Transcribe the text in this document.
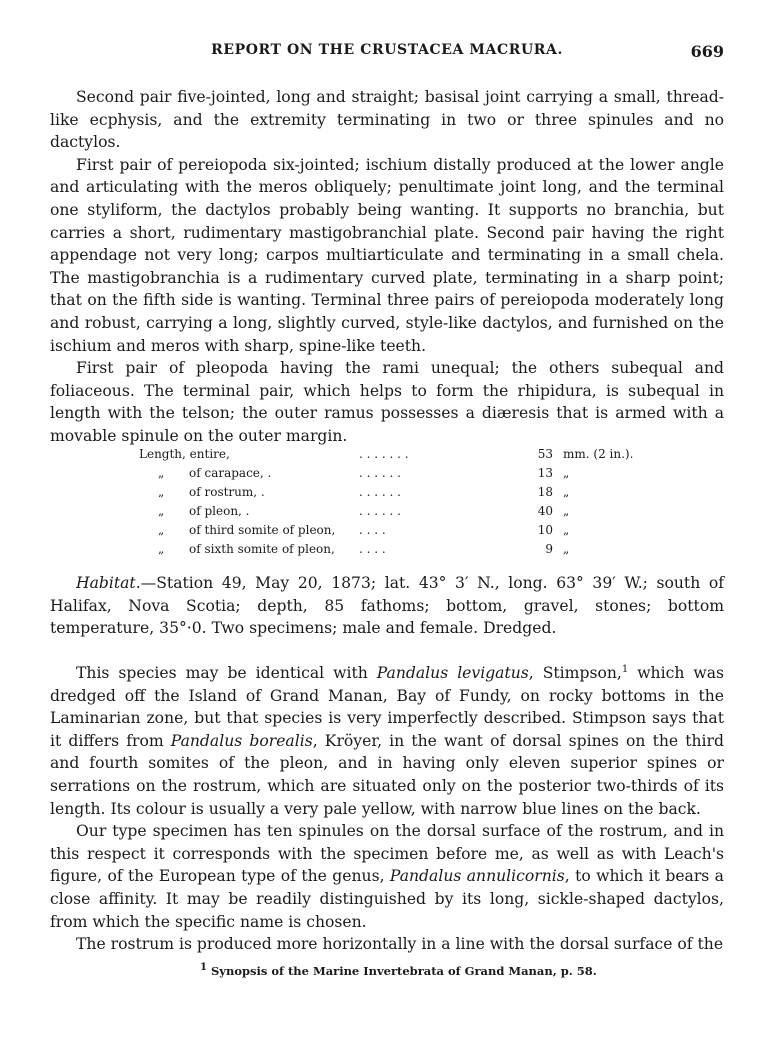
REPORT ON THE CRUSTACEA MACRURA.	669

Second pair five-jointed, long and straight; basisal joint carrying a small, thread-like ecphysis, and the extremity terminating in two or three spinules and no dactylos.

First pair of pereiopoda six-jointed; ischium distally produced at the lower angle and articulating with the meros obliquely; penultimate joint long, and the terminal one styliform, the dactylos probably being wanting. It supports no branchia, but carries a short, rudimentary mastigobranchial plate. Second pair having the right appendage not very long; carpos multiarticulate and terminating in a small chela. The mastigobranchia is a rudimentary curved plate, terminating in a sharp point; that on the fifth side is wanting. Terminal three pairs of pereiopoda moderately long and robust, carrying a long, slightly curved, style-like dactylos, and furnished on the ischium and meros with sharp, spine-like teeth.

First pair of pleopoda having the rami unequal; the others subequal and foliaceous. The terminal pair, which helps to form the rhipidura, is subequal in length with the telson; the outer ramus possesses a diæresis that is armed with a movable spinule on the outer margin.

Length, entire,	. . . . . . .	53 mm. (2 in.).
„ of carapace, .	. . . . . .	13 „
„ of rostrum, .	. . . . . .	18 „
„ of pleon, .	. . . . . .	40 „
„ of third somite of pleon, . . . .	10 „
„ of sixth somite of pleon, . . . .	9 „

Habitat.—Station 49, May 20, 1873; lat. 43° 3′ N., long. 63° 39′ W.; south of Halifax, Nova Scotia; depth, 85 fathoms; bottom, gravel, stones; bottom temperature, 35°·0. Two specimens; male and female. Dredged.

This species may be identical with Pandalus levigatus, Stimpson,$^1$ which was dredged off the Island of Grand Manan, Bay of Fundy, on rocky bottoms in the Laminarian zone, but that species is very imperfectly described. Stimpson says that it differs from Pandalus borealis, Kröyer, in the want of dorsal spines on the third and fourth somites of the pleon, and in having only eleven superior spines or serrations on the rostrum, which are situated only on the posterior two-thirds of its length. Its colour is usually a very pale yellow, with narrow blue lines on the back.

Our type specimen has ten spinules on the dorsal surface of the rostrum, and in this respect it corresponds with the specimen before me, as well as with Leach's figure, of the European type of the genus, Pandalus annulicornis, to which it bears a close affinity. It may be readily distinguished by its long, sickle-shaped dactylos, from which the specific name is chosen.

The rostrum is produced more horizontally in a line with the dorsal surface of the

1 Synopsis of the Marine Invertebrata of Grand Manan, p. 58.
